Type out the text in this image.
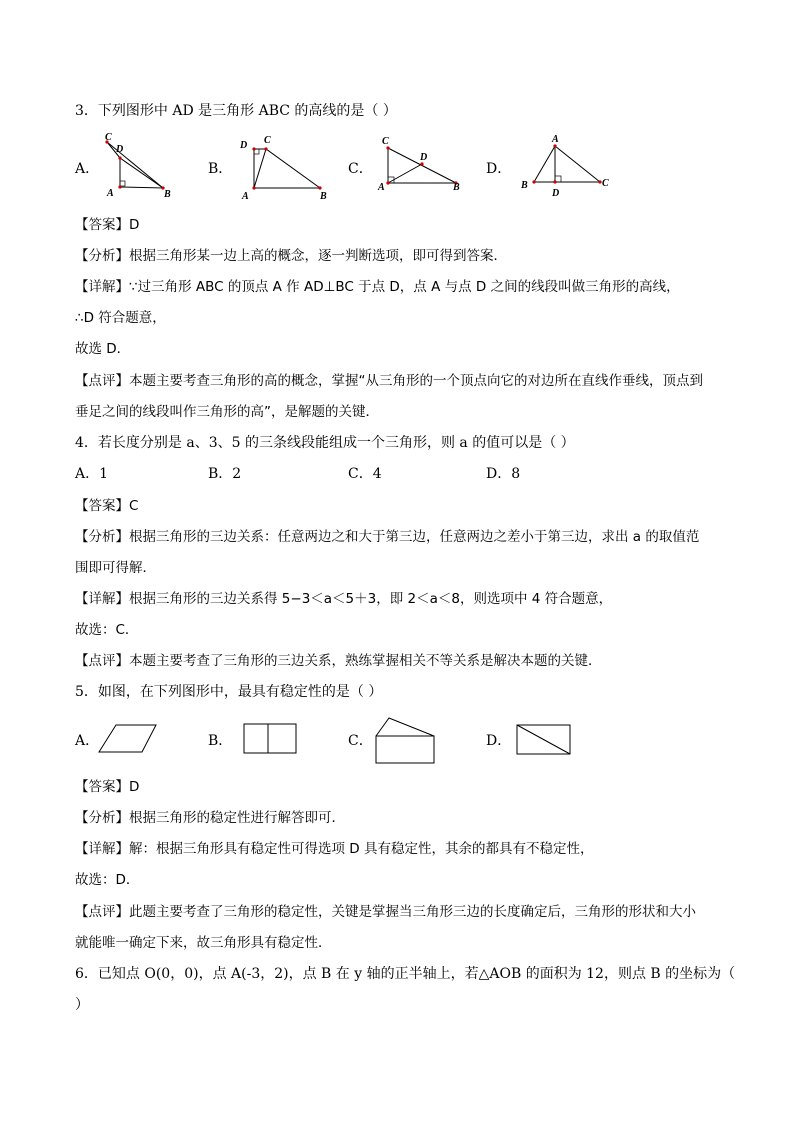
3．下列图形中 AD 是三角形 ABC 的高线的是（ ）
A．
C
D
A	B
B．
D C
A	B
C．
C
D
A	B
D．
A
B
D
C
【答案】D
【分析】根据三角形某一边上高的概念，逐一判断选项，即可得到答案．
【详解】∵过三角形 ABC 的顶点 A 作 AD⊥BC 于点 D，点 A 与点 D 之间的线段叫做三角形的高线，
∴D 符合题意，
故选 D．
【点评】本题主要考查三角形的高的概念，掌握“从三角形的一个顶点向它的对边所在直线作垂线，顶点到
垂足之间的线段叫作三角形的高”，是解题的关键．
4．若长度分别是 a、3、5 的三条线段能组成一个三角形，则 a 的值可以是（ ）
A．1	B．2	C．4	D．8
【答案】C
【分析】根据三角形的三边关系：任意两边之和大于第三边，任意两边之差小于第三边，求出 a 的取值范
围即可得解．
【详解】根据三角形的三边关系得 5−3＜a＜5＋3，即 2＜a＜8，则选项中 4 符合题意，
故选：C．
【点评】本题主要考查了三角形的三边关系，熟练掌握相关不等关系是解决本题的关键．
5．如图，在下列图形中，最具有稳定性的是（ ）
A．	B．	C．	D．
【答案】D
【分析】根据三角形的稳定性进行解答即可．
【详解】解：根据三角形具有稳定性可得选项 D 具有稳定性，其余的都具有不稳定性，
故选：D．
【点评】此题主要考查了三角形的稳定性，关键是掌握当三角形三边的长度确定后，三角形的形状和大小
就能唯一确定下来，故三角形具有稳定性．
6．已知点 O(0，0)，点 A(-3，2)，点 B 在 y 轴的正半轴上，若△AOB 的面积为 12，则点 B 的坐标为（
）
